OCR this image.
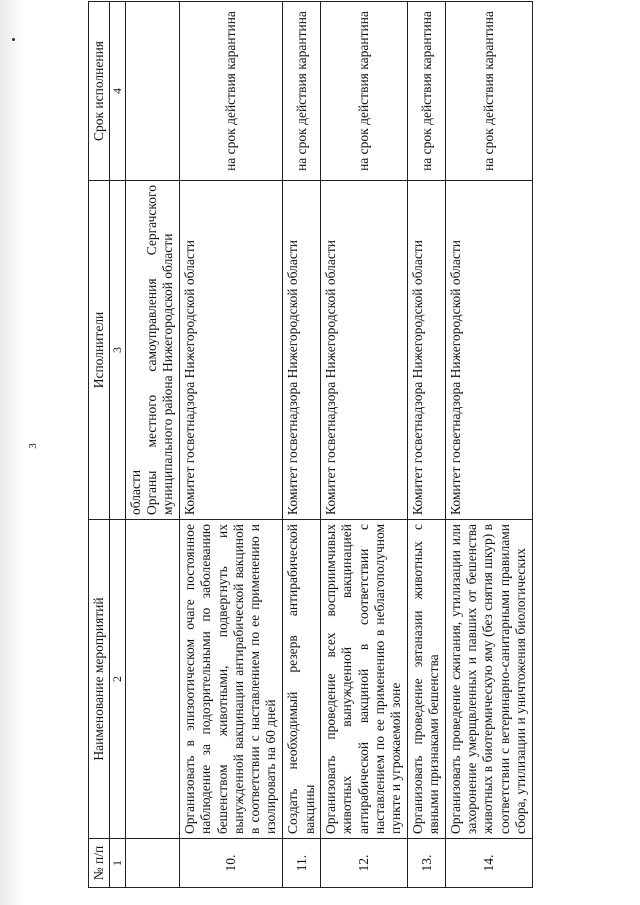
3
№ п/п	Наименование мероприятий	Исполнители	Срок исполнения
1	2	3	4

		области Органы местного самоуправления Сергачского муниципального района Нижегородской области	

10.	Организовать в эпизоотическом очаге постоянное наблюдение за подозрительными по заболеванию бешенством животными, подвергнуть их вынужденной вакцинации антирабической вакциной в соответствии с наставлением по ее применению и изолировать на 60 дней	Комитет госветнадзора Нижегородской области	на срок действия карантина
11.	Создать необходимый резерв антирабической вакцины	Комитет госветнадзора Нижегородской области	на срок действия карантина
12.	Организовать проведение всех восприимчивых животных вынужденной вакцинацией антирабической вакциной в соответствии с наставлением по ее применению в неблагополучном пункте и угрожаемой зоне	Комитет госветнадзора Нижегородской области	на срок действия карантина
13.	Организовать проведение эвтаназии животных с явными признаками бешенства	Комитет госветнадзора Нижегородской области	на срок действия карантина
14.	Организовать проведение сжигания, утилизации или захоронение умерщвленных и павших от бешенства животных в биотермическую яму (без снятия шкур) в соответствии с ветеринарно-санитарными правилами сбора, утилизации и уничтожения биологических	Комитет госветнадзора Нижегородской области	на срок действия карантина
